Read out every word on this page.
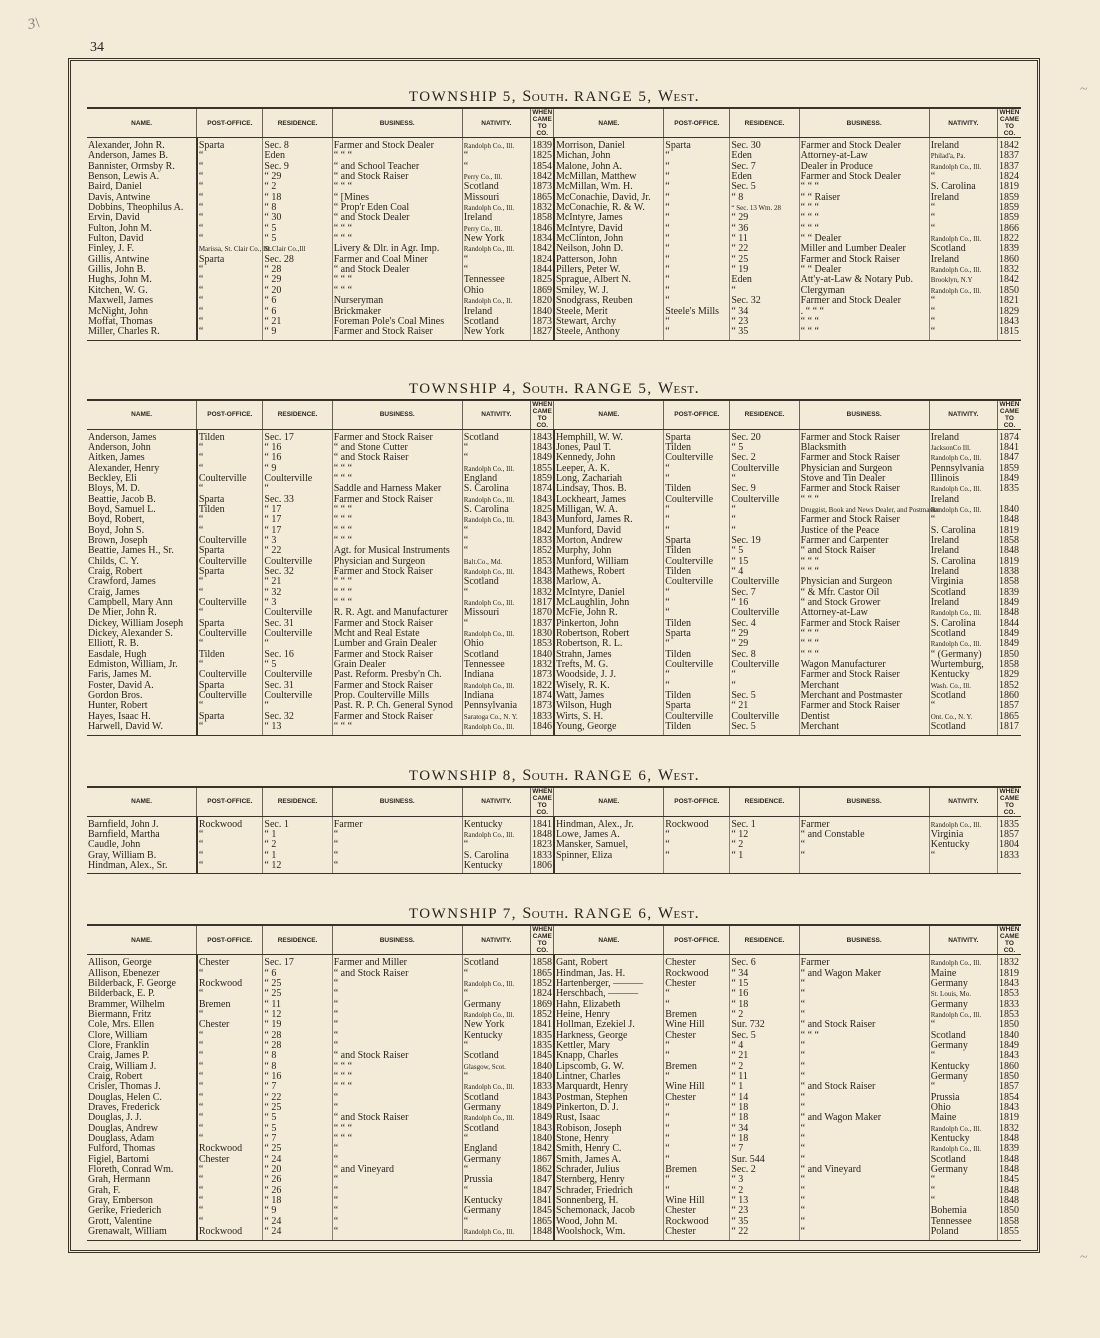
3\
34
~
~
TOWNSHIP 5, South. RANGE 5, West.
NAME.	POST-OFFICE.	RESIDENCE.	BUSINESS.	NATIVITY.	WHEN CAME TO CO.	NAME.	POST-OFFICE.	RESIDENCE.	BUSINESS.	NATIVITY.	WHEN CAME TO CO.
Alexander, John R.	Sparta	Sec. 8	Farmer and Stock Dealer	Randolph Co., Ill.	1839	Morrison, Daniel	Sparta	Sec. 30	Farmer and Stock Dealer	Ireland	1842
Anderson, James B.	“	Eden	“ “ “	“	1825	Michan, John	“	Eden	Attorney-at-Law	Philad'a, Pa.	1837
Bannister, Ormsby R.	“	Sec. 9	“ and School Teacher	“	1854	Malone, John A.	“	Sec. 7	Dealer in Produce	Randolph Co., Ill.	1837
Benson, Lewis A.	“	“ 29	“ and Stock Raiser	Perry Co., Ill.	1842	McMillan, Matthew	“	Eden	Farmer and Stock Dealer	“	1824
Baird, Daniel	“	“ 2	“ “ “	Scotland	1873	McMillan, Wm. H.	“	Sec. 5	“ “ “	S. Carolina	1819
Davis, Antwine	“	“ 18	“ [Mines	Missouri	1865	McConachie, David, Jr.	“	“ 8	“ “ Raiser	Ireland	1859
Dobbins, Theophilus A.	“	“ 8	“ Prop'r Eden Coal	Randolph Co., Ill.	1832	McConachie, R. & W.	“	“ Sec. 13 Wm. 28	“ “ “	“	1859
Ervin, David	“	“ 30	“ and Stock Dealer	Ireland	1858	McIntyre, James	“	“ 29	“ “ “	“	1859
Fulton, John M.	“	“ 5	“ “ “	Perry Co., Ill.	1846	McIntyre, David	“	“ 36	“ “ “	“	1866
Fulton, David	“	“ 5	“ “ “	New York	1834	McClinton, John	“	“ 11	“ “ Dealer	Randolph Co., Ill.	1822
Finley, J. F.	Marissa, St. Clair Co., Ill.	St.Clair Co.,Ill	Livery & Dlr. in Agr. Imp.	Randolph Co., Ill.	1842	Neilson, John D.	“	“ 22	Miller and Lumber Dealer	Scotland	1839
Gillis, Antwine	Sparta	Sec. 28	Farmer and Coal Miner	“	1824	Patterson, John	“	“ 25	Farmer and Stock Raiser	Ireland	1860
Gillis, John B.	“	“ 28	“ and Stock Dealer	“	1844	Pillers, Peter W.	“	“ 19	“ “ Dealer	Randolph Co., Ill.	1832
Hughs, John M.	“	“ 29	“ “ “	Tennessee	1825	Sprague, Albert N.	“	Eden	Att'y-at-Law & Notary Pub.	Brooklyn, N.Y	1842
Kitchen, W. G.	“	“ 20	“ “ “	Ohio	1869	Smiley, W. J.	“	“	Clergyman	Randolph Co., Ill.	1850
Maxwell, James	“	“ 6	Nurseryman	Randolph Co., Il.	1820	Snodgrass, Reuben	“	Sec. 32	Farmer and Stock Dealer	“	1821
McNight, John	“	“ 6	Brickmaker	Ireland	1840	Steele, Merit	Steele's Mills	“ 34	. “ “ “	“	1829
Moffat, Thomas	“	“ 21	Foreman Pole's Coal Mines	Scotland	1873	Stewart, Archy	“	“ 23	“ “ “	“	1843
Miller, Charles R.	“	“ 9	Farmer and Stock Raiser	New York	1827	Steele, Anthony	“	“ 35	“ “ “	“	1815
TOWNSHIP 4, South. RANGE 5, West.
NAME.	POST-OFFICE.	RESIDENCE.	BUSINESS.	NATIVITY.	WHEN CAME TO CO.	NAME.	POST-OFFICE.	RESIDENCE.	BUSINESS.	NATIVITY.	WHEN CAME TO CO.
Anderson, James	Tilden	Sec. 17	Farmer and Stock Raiser	Scotland	1843	Hemphill, W. W.	Sparta	Sec. 20	Farmer and Stock Raiser	Ireland	1874
Anderson, John	“	“ 16	“ and Stone Cutter	“	1843	Jones, Paul T.	Tilden	“ 5	Blacksmith	JacksonCo Ill.	1841
Aitken, James	“	“ 16	“ and Stock Raiser	“	1849	Kennedy, John	Coulterville	Sec. 2	Farmer and Stock Raiser	Randolph Co., Ill.	1847
Alexander, Henry	“	“ 9	“ “ “	Randolph Co., Ill.	1855	Leeper, A. K.	“	Coulterville	Physician and Surgeon	Pennsylvania	1859
Beckley, Eli	Coulterville	Coulterville	“ “ “	England	1859	Long, Zachariah	“	“	Stove and Tin Dealer	Illinois	1849
Bloys, M. D.	“	“	Saddle and Harness Maker	S. Carolina	1874	Lindsay, Thos. B.	Tilden	Sec. 9	Farmer and Stock Raiser	Randolph Co., Ill.	1835
Beattie, Jacob B.	Sparta	Sec. 33	Farmer and Stock Raiser	Randolph Co., Ill.	1843	Lockheart, James	Coulterville	Coulterville	“ “ “	Ireland	
Boyd, Samuel L.	Tilden	“ 17	“ “ “	S. Carolina	1825	Milligan, W. A.	“	“	Druggist, Book and News Dealer, and Postmaster	Randolph Co., Ill.	1840
Boyd, Robert,	“	“ 17	“ “ “	Randolph Co., Ill.	1843	Munford, James R.	“	“	Farmer and Stock Raiser	“	1848
Boyd, John S.	“	“ 17	“ “ “	“	1842	Munford, David	“	“	Justice of the Peace	S. Carolina	1819
Brown, Joseph	Coulterville	“ 3	“ “ “	“	1833	Morton, Andrew	Sparta	Sec. 19	Farmer and Carpenter	Ireland	1858
Beattie, James H., Sr.	Sparta	“ 22	Agt. for Musical Instruments	“	1852	Murphy, John	Tilden	“ 5	“ and Stock Raiser	Ireland	1848
Childs, C. Y.	Coulterville	Coulterville	Physician and Surgeon	Balt.Co., Md.	1853	Munford, William	Coulterville	“ 15	“ “ “	S. Carolina	1819
Craig, Robert	Sparta	Sec. 32	Farmer and Stock Raiser	Randolph Co., Ill.	1843	Mathews, Robert	Tilden	“ 4	“ “ “	Ireland	1838
Crawford, James	“	“ 21	“ “ “	Scotland	1838	Marlow, A.	Coulterville	Coulterville	Physician and Surgeon	Virginia	1858
Craig, James	“	“ 32	“ “ “	“	1832	McIntyre, Daniel	“	Sec. 7	“ & Mfr. Castor Oil	Scotland	1839
Campbell, Mary Ann	Coulterville	“ 3	“ “ “	Randolph Co., Ill.	1817	McLaughlin, John	“	“ 16	“ and Stock Grower	Ireland	1849
De Mier, John R.	“	Coulterville	R. R. Agt. and Manufacturer	Missouri	1870	McFie, John R.	“	Coulterville	Attorney-at-Law	Randolph Co., Ill.	1848
Dickey, William Joseph	Sparta	Sec. 31	Farmer and Stock Raiser	“	1837	Pinkerton, John	Tilden	Sec. 4	Farmer and Stock Raiser	S. Carolina	1844
Dickey, Alexander S.	Coulterville	Coulterville	Mcht and Real Estate	Randolph Co., Ill.	1830	Robertson, Robert	Sparta	“ 29	“ “ “	Scotland	1849
Elliott, R. B.	“	“	Lumber and Grain Dealer	Ohio	1853	Robertson, R. L.	“	“ 29	“ “ “	Randolph Co., Ill.	1849
Easdale, Hugh	Tilden	Sec. 16	Farmer and Stock Raiser	Scotland	1840	Strahn, James	Tilden	Sec. 8	“ “ “	“ (Germany)	1850
Edmiston, William, Jr.	“	“ 5	Grain Dealer	Tennessee	1832	Trefts, M. G.	Coulterville	Coulterville	Wagon Manufacturer	Wurtemburg,	1858
Faris, James M.	Coulterville	Coulterville	Past. Reform. Presby'n Ch.	Indiana	1873	Woodside, J. J.	“	“	Farmer and Stock Raiser	Kentucky	1829
Foster, David A.	Sparta	Sec. 31	Farmer and Stock Raiser	Randolph Co., Ill.	1822	Wisely, R. K.	“	“	Merchant	Wash. Co., Ill.	1852
Gordon Bros.	Coulterville	Coulterville	Prop. Coulterville Mills	Indiana	1874	Watt, James	Tilden	Sec. 5	Merchant and Postmaster	Scotland	1860
Hunter, Robert	“	“	Past. R. P. Ch. General Synod	Pennsylvania	1873	Wilson, Hugh	Sparta	“ 21	Farmer and Stock Raiser	“	1857
Hayes, Isaac H.	Sparta	Sec. 32	Farmer and Stock Raiser	Saratoga Co., N. Y.	1833	Wirts, S. H.	Coulterville	Coulterville	Dentist	Ont. Co., N. Y.	1865
Harwell, David W.	“	“ 13	“ “ “	Randolph Co., Ill.	1846	Young, George	Tilden	Sec. 5	Merchant	Scotland	1817
TOWNSHIP 8, South. RANGE 6, West.
NAME.	POST-OFFICE.	RESIDENCE.	BUSINESS.	NATIVITY.	WHEN CAME TO CO.	NAME.	POST-OFFICE.	RESIDENCE.	BUSINESS.	NATIVITY.	WHEN CAME TO CO.
Barnfield, John J.	Rockwood	Sec. 1	Farmer	Kentucky	1841	Hindman, Alex., Jr.	Rockwood	Sec. 1	Farmer	Randolph Co., Ill.	1835
Barnfield, Martha	“	“ 1	“	Randolph Co., Ill.	1848	Lowe, James A.	“	“ 12	“ and Constable	Virginia	1857
Caudle, John	“	“ 2	“	“	1823	Mansker, Samuel,	“	“ 2	“	Kentucky	1804
Gray, William B.	“	“ 1	“	S. Carolina	1833	Spinner, Eliza	“	“ 1	“	“	1833
Hindman, Alex., Sr.	“	“ 12	“	Kentucky	1806						
TOWNSHIP 7, South. RANGE 6, West.
NAME.	POST-OFFICE.	RESIDENCE.	BUSINESS.	NATIVITY.	WHEN CAME TO CO.	NAME.	POST-OFFICE.	RESIDENCE.	BUSINESS.	NATIVITY.	WHEN CAME TO CO.
Allison, George	Chester	Sec. 17	Farmer and Miller	Scotland	1858	Gant, Robert	Chester	Sec. 6	Farmer	Randolph Co., Ill.	1832
Allison, Ebenezer	“	“ 6	“ and Stock Raiser	“	1865	Hindman, Jas. H.	Rockwood	“ 34	“ and Wagon Maker	Maine	1819
Bilderback, F. George	Rockwood	“ 25	“	Randolph Co., Ill.	1852	Hartenberger, ———	Chester	“ 15	“	Germany	1843
Bilderback, E. P.	“	“ 25	“	“	1824	Herschbach, ———	“	“ 16	“	St. Louis, Mo.	1853
Brammer, Wilhelm	Bremen	“ 11	“	Germany	1869	Hahn, Elizabeth	“	“ 18	“	Germany	1833
Biermann, Fritz	“	“ 12	“	Randolph Co., Ill.	1852	Heine, Henry	Bremen	“ 2	“	Randolph Co., Ill.	1853
Cole, Mrs. Ellen	Chester	“ 19	“	New York	1841	Hollman, Ezekiel J.	Wine Hill	Sur. 732	“ and Stock Raiser	“	1850
Clore, William	“	“ 28	“	Kentucky	1835	Harkness, George	Chester	Sec. 5	“ “ “	Scotland	1840
Clore, Franklin	“	“ 28	“	“	1835	Kettler, Mary	“	“ 4	“	Germany	1849
Craig, James P.	“	“ 8	“ and Stock Raiser	Scotland	1845	Knapp, Charles	“	“ 21	“	“	1843
Craig, William J.	“	“ 8	“ “ “	Glasgow, Scot.	1840	Lipscomb, G. W.	Bremen	“ 2	“	Kentucky	1860
Craig, Robert	“	“ 16	“ “ “	“	1840	Lintner, Charles	“	“ 11	“	Germany	1850
Crisler, Thomas J.	“	“ 7	“ “ “	Randolph Co., Ill.	1833	Marquardt, Henry	Wine Hill	“ 1	“ and Stock Raiser	“	1857
Douglas, Helen C.	“	“ 22	“	Scotland	1843	Postman, Stephen	Chester	“ 14	“	Prussia	1854
Draves, Frederick	“	“ 25	“	Germany	1849	Pinkerton, D. J.	“	“ 18	“	Ohio	1843
Douglas, J. J.	“	“ 5	“ and Stock Raiser	Randolph Co., Ill.	1849	Rust, Isaac	“	“ 18	“ and Wagon Maker	Maine	1819
Douglas, Andrew	“	“ 5	“ “ “	Scotland	1843	Robison, Joseph	“	“ 34	“	Randolph Co., Ill.	1832
Douglass, Adam	“	“ 7	“ “ “	“	1840	Stone, Henry	“	“ 18	“	Kentucky	1848
Fulford, Thomas	Rockwood	“ 25	“	England	1842	Smith, Henry C.	“	“ 7	“	Randolph Co., Ill.	1839
Figiel, Bartomi	Chester	“ 24	“	Germany	1867	Smith, James A.	“	Sur. 544	“	Scotland	1848
Floreth, Conrad Wm.	“	“ 20	“ and Vineyard	“	1862	Schrader, Julius	Bremen	Sec. 2	“ and Vineyard	Germany	1848
Grah, Hermann	“	“ 26	“	Prussia	1847	Sternberg, Henry	“	“ 3	“	“	1845
Grah, F.	“	“ 26	“	“	1847	Schrader, Friedrich	“	“ 2	“	“	1848
Gray, Emberson	“	“ 18	“	Kentucky	1841	Sonnenberg, H.	Wine Hill	“ 13	“	“	1848
Gerike, Friederich	“	“ 9	“	Germany	1845	Schemonack, Jacob	Chester	“ 23	“	Bohemia	1850
Grott, Valentine	“	“ 24	“	“	1865	Wood, John M.	Rockwood	“ 35	“	Tennessee	1858
Grenawalt, William	Rockwood	“ 24	“	Randolph Co., Ill.	1848	Woolshock, Wm.	Chester	“ 22	“	Poland	1855
